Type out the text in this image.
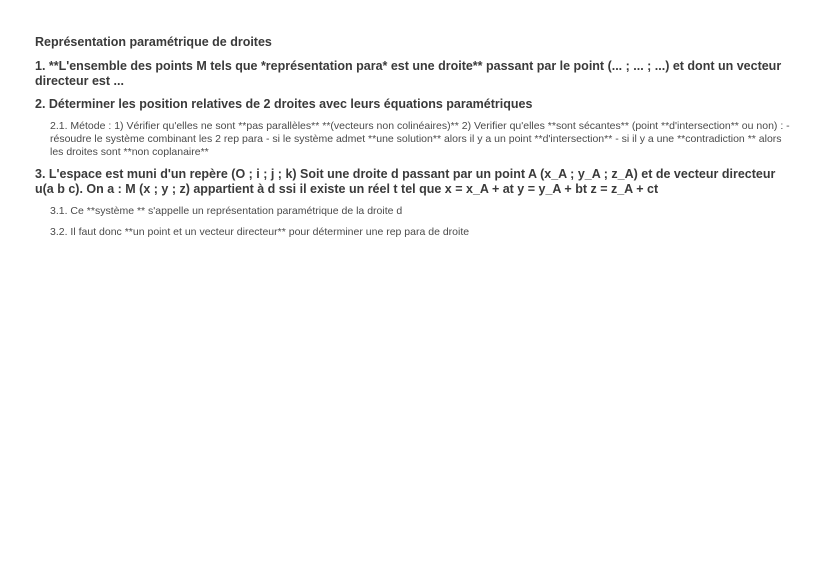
Représentation paramétrique de droites
1. **L'ensemble des points M tels que *représentation para* est une droite** passant par le point (... ; ... ; ...) et dont un vecteur directeur est ...
2. Déterminer les position relatives de 2 droites avec leurs équations paramétriques
2.1. Métode : 1) Vérifier qu'elles ne sont **pas parallèles** **(vecteurs non colinéaires)** 2) Verifier qu'elles **sont sécantes** (point **d'intersection** ou non) : - résoudre le système combinant les 2 rep para - si le système admet **une solution** alors il y a un point **d'intersection** - si il y a une **contradiction ** alors les droites sont **non coplanaire**
3. L'espace est muni d'un repère (O ; i ; j ; k) Soit une droite d passant par un point A (x_A ; y_A ; z_A) et de vecteur directeur u(a b c). On a : M (x ; y ; z) appartient à d ssi il existe un réel t tel que x = x_A + at y = y_A + bt z = z_A + ct
3.1. Ce **système ** s'appelle un représentation paramétrique de la droite d
3.2. Il faut donc **un point et un vecteur directeur** pour déterminer une rep para de droite
